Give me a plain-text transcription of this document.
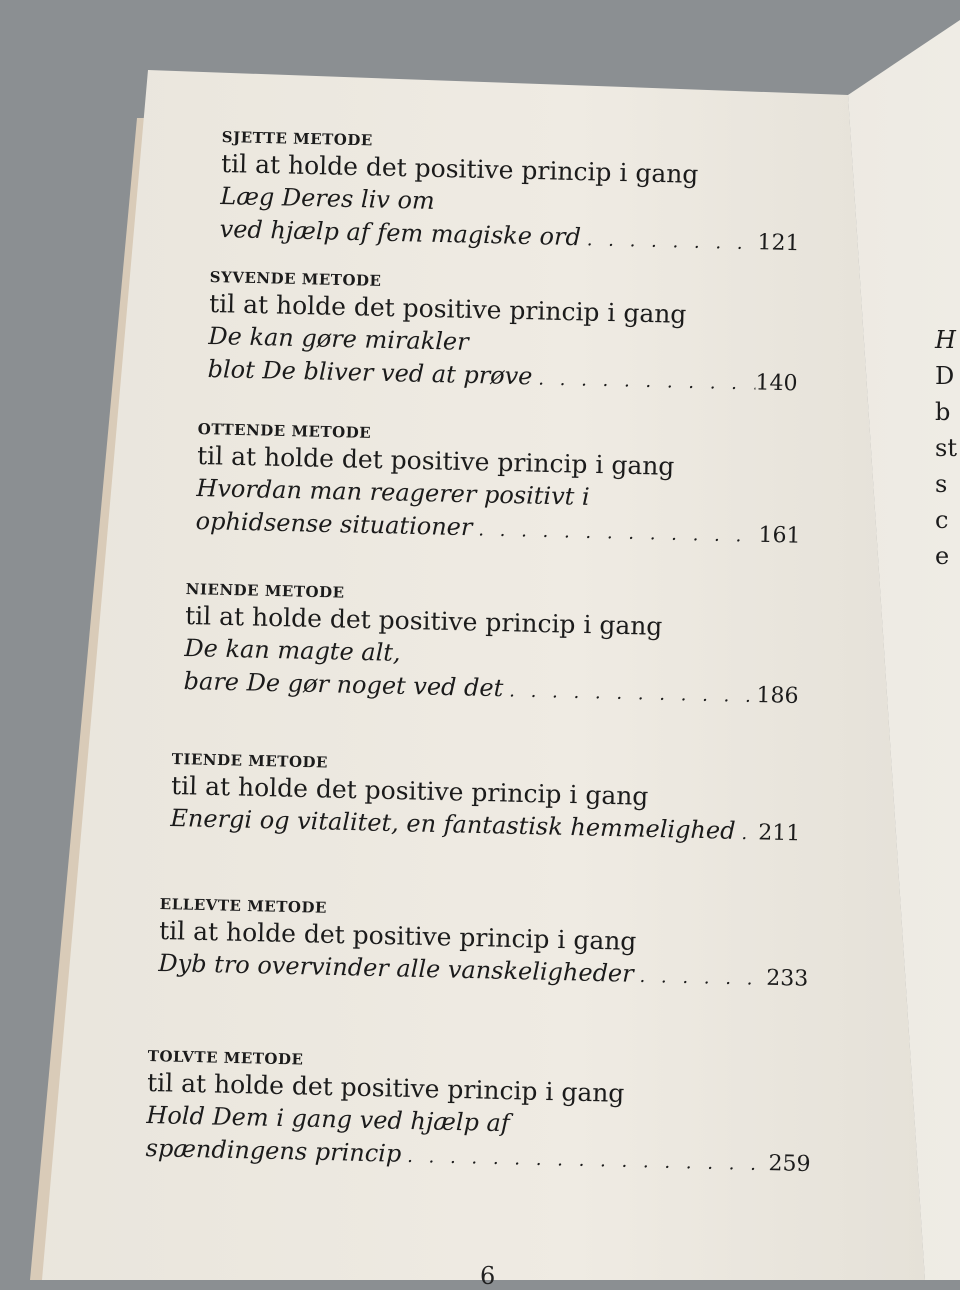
H
D
b
st
s
c
e
SJETTE METODE
til at holde det positive princip i gang
Læg Deres liv om
ved hjælp af fem magiske ord . . .	121
SYVENDE METODE
til at holde det positive princip i gang
De kan gøre mirakler
blot De bliver ved at prøve . . .	140
OTTENDE METODE
til at holde det positive princip i gang
Hvordan man reagerer positivt i
ophidsense situationer . . .	161
NIENDE METODE
til at holde det positive princip i gang
De kan magte alt,
bare De gør noget ved det . . .	186
TIENDE METODE
til at holde det positive princip i gang
Energi og vitalitet, en fantastisk hemmelighed . . . 211
ELLEVTE METODE
til at holde det positive princip i gang
Dyb tro overvinder alle vanskeligheder . . .	233
TOLVTE METODE
til at holde det positive princip i gang
Hold Dem i gang ved hjælp af
spændingens princip . . .	259
6
